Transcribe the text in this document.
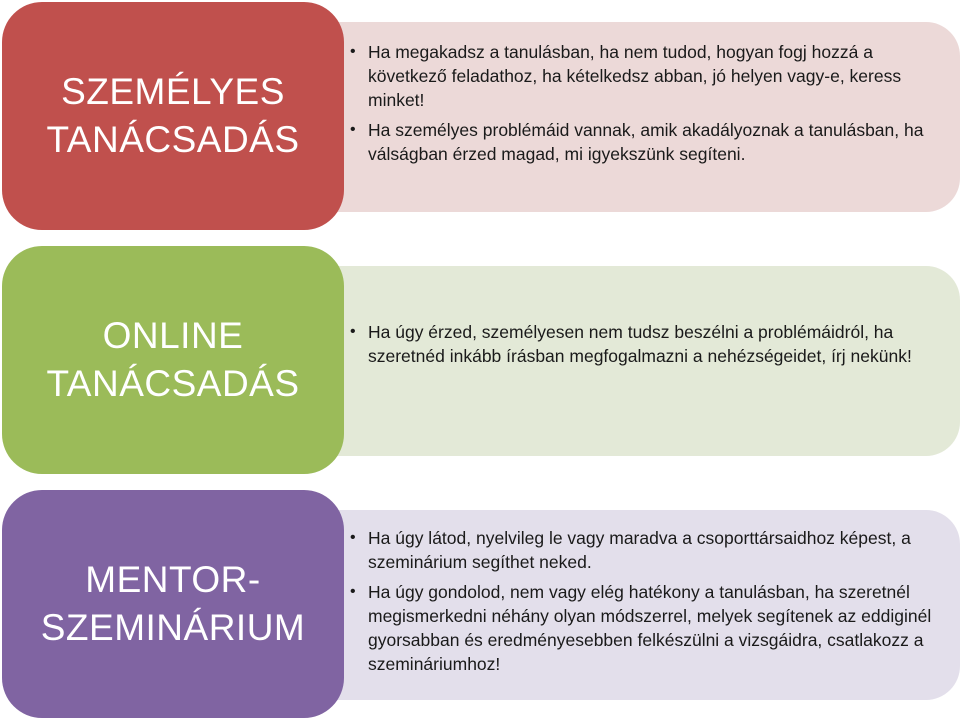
• Ha megakadsz a tanulásban, ha nem tudod, hogyan fogj hozzá a következő feladathoz, ha kételkedsz abban, jó helyen vagy-e, keress minket!
• Ha személyes problémáid vannak, amik akadályoznak a tanulásban, ha válságban érzed magad, mi igyekszünk segíteni.
SZEMÉLYES
TANÁCSADÁS
• Ha úgy érzed, személyesen nem tudsz beszélni a problémáidról, ha szeretnéd inkább írásban megfogalmazni a nehézségeidet, írj nekünk!
ONLINE
TANÁCSADÁS
• Ha úgy látod, nyelvileg le vagy maradva a csoporttársaidhoz képest, a szeminárium segíthet neked.
• Ha úgy gondolod, nem vagy elég hatékony a tanulásban, ha szeretnél megismerkedni néhány olyan módszerrel, melyek segítenek az eddiginél gyorsabban és eredményesebben felkészülni a vizsgáidra, csatlakozz a szemináriumhoz!
MENTOR-
SZEMINÁRIUM
